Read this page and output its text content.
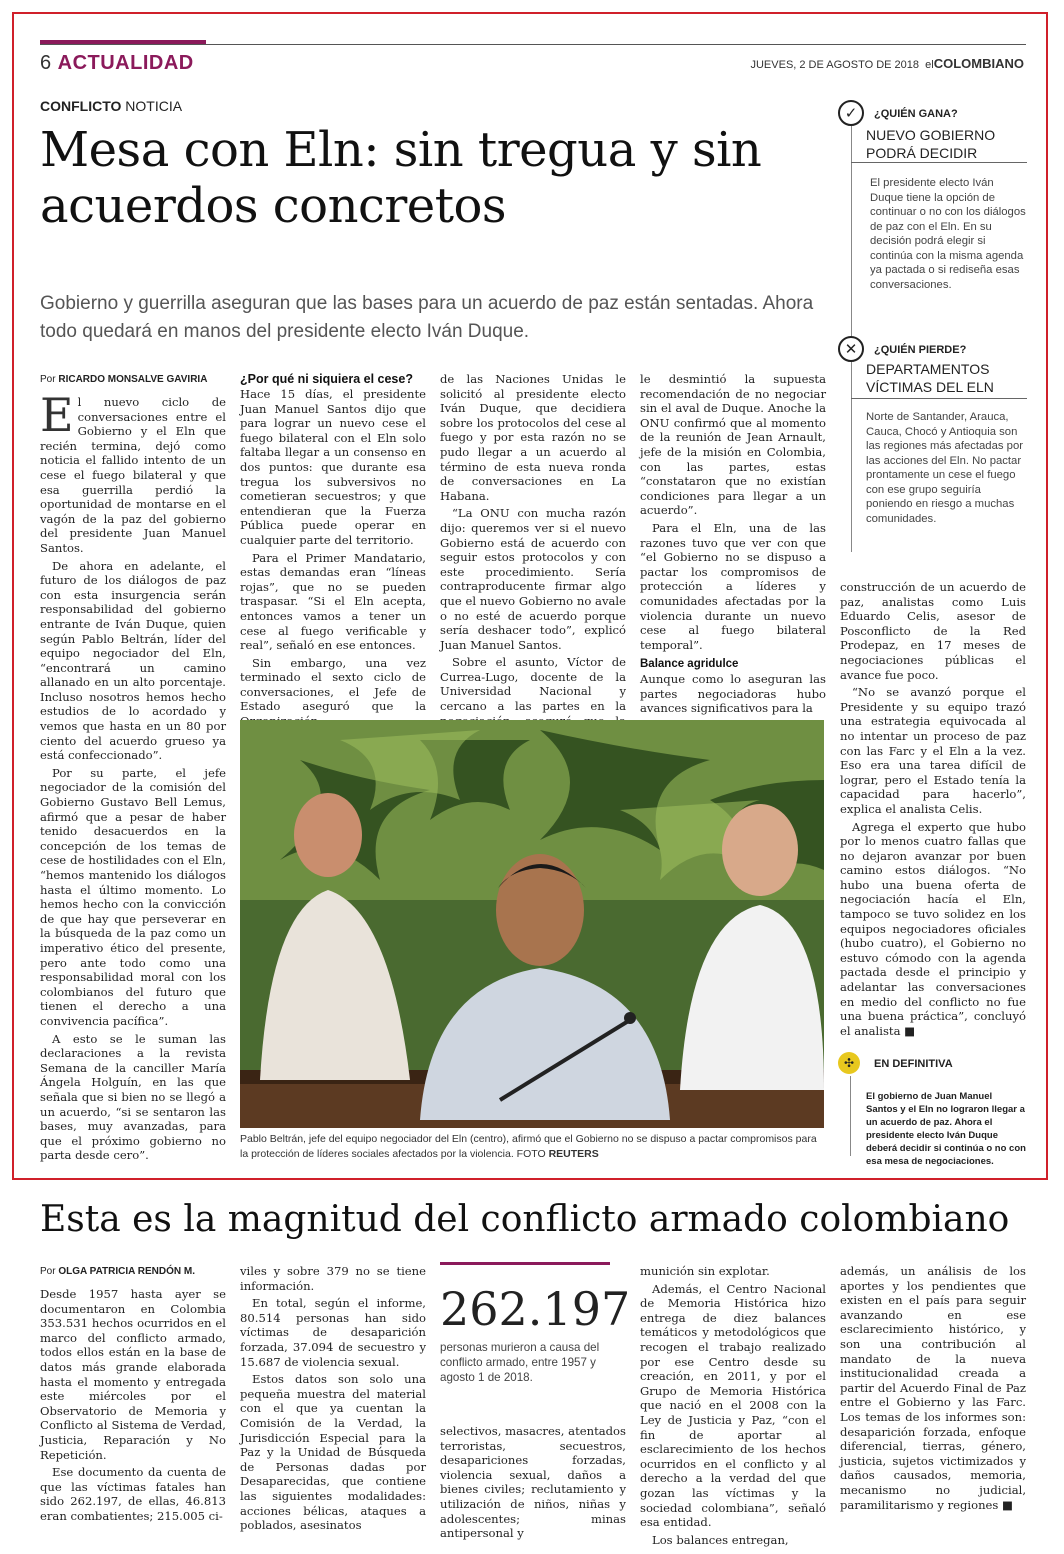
6 ACTUALIDAD	JUEVES, 2 DE AGOSTO DE 2018 elCOLOMBIANO
CONFLICTO NOTICIA
Mesa con Eln: sin tregua y sin acuerdos concretos

Gobierno y guerrilla aseguran que las bases para un acuerdo de paz están sentadas. Ahora todo quedará en manos del presidente electo Iván Duque.

Por RICARDO MONSALVE GAVIRIA

El nuevo ciclo de conversaciones entre el Gobierno y el Eln que recién termina, dejó como noticia el fallido intento de un cese el fuego bilateral y que esa guerrilla perdió la oportunidad de montarse en el vagón de la paz del gobierno del presidente Juan Manuel Santos.

De ahora en adelante, el futuro de los diálogos de paz con esta insurgencia serán responsabilidad del gobierno entrante de Iván Duque, quien según Pablo Beltrán, líder del equipo negociador del Eln, “encontrará un camino allanado en un alto porcentaje. Incluso nosotros hemos hecho estudios de lo acordado y vemos que hasta en un 80 por ciento del acuerdo grueso ya está confeccionado”.

Por su parte, el jefe negociador de la comisión del Gobierno Gustavo Bell Lemus, afirmó que a pesar de haber tenido desacuerdos en la concepción de los temas de cese de hostilidades con el Eln, “hemos mantenido los diálogos hasta el último momento. Lo hemos hecho con la convicción de que hay que perseverar en la búsqueda de la paz como un imperativo ético del presente, pero ante todo como una responsabilidad moral con los colombianos del futuro que tienen el derecho a una convivencia pacífica”.

A esto se le suman las declaraciones a la revista Semana de la canciller María Ángela Holguín, en las que señala que si bien no se llegó a un acuerdo, “si se sentaron las bases, muy avanzadas, para que el próximo gobierno no parta desde cero”.

¿Por qué ni siquiera el cese?

Hace 15 días, el presidente Juan Manuel Santos dijo que para lograr un nuevo cese el fuego bilateral con el Eln solo faltaba llegar a un consenso en dos puntos: que durante esa tregua los subversivos no cometieran secuestros; y que entendieran que la Fuerza Pública puede operar en cualquier parte del territorio.

Para el Primer Mandatario, estas demandas eran “líneas rojas”, que no se pueden traspasar. “Si el Eln acepta, entonces vamos a tener un cese al fuego verificable y real”, señaló en ese entonces.

Sin embargo, una vez terminado el sexto ciclo de conversaciones, el Jefe de Estado aseguró que la

de las Naciones Unidas le solicitó al presidente electo Iván Duque, que decidiera sobre los protocolos del cese al fuego y por esta razón no se pudo llegar a un acuerdo al término de esta nueva ronda de conversaciones en La Habana.

“La ONU con mucha razón dijo: queremos ver si el nuevo Gobierno está de acuerdo con seguir estos protocolos y con este procedimiento. Sería contraproducente firmar algo que el nuevo Gobierno no avale o no esté de acuerdo porque sería deshacer todo”, explicó Juan Manuel Santos.

Sobre el asunto, Víctor de Currea-Lugo, docente de la Universidad Nacional y cercano a las partes en la

le desmintió la supuesta recomendación de no negociar sin el aval de Duque. Anoche la ONU confirmó que al momento de la reunión de Jean Arnault, jefe de la misión en Colombia, con las partes, estas “constataron que no existían condiciones para llegar a un acuerdo”.

Para el Eln, una de las razones tuvo que ver con que “el Gobierno no se dispuso a pactar los compromisos de protección a líderes y comunidades afectadas por la violencia durante un nuevo cese al fuego bilateral temporal”.

Balance agridulce

Aunque como lo aseguran las partes negociadoras hubo avances significativos para la

✓	¿QUIÉN GANA?
NUEVO GOBIERNO PODRÁ DECIDIR
El presidente electo Iván Duque tiene la opción de continuar o no con los diálogos de paz con el Eln. En su decisión podrá elegir si continúa con la misma agenda ya pactada o si rediseña esas conversaciones.
✕	¿QUIÉN PIERDE?
DEPARTAMENTOS VÍCTIMAS DEL ELN
Norte de Santander, Arauca, Cauca, Chocó y Antioquia son las regiones más afectadas por las acciones del Eln. No pactar prontamente un cese el fuego con ese grupo seguiría poniendo en riesgo a muchas comunidades.

construcción de un acuerdo de paz, analistas como Luis Eduardo Celis, asesor de Posconflicto de la Red Prodepaz, en 17 meses de negociaciones públicas el avance fue poco.

“No se avanzó porque el Presidente y su equipo trazó una estrategia equivocada al no intentar un proceso de paz con las Farc y el Eln a la vez. Eso era una tarea difícil de lograr, pero el Estado tenía la capacidad para hacerlo”, explica el analista Celis.

Agrega el experto que hubo por lo menos cuatro fallas que no dejaron avanzar por buen camino estos diálogos. “No hubo una buena oferta de negociación hacía el Eln, tampoco se tuvo solidez en los equipos negociadores oficiales (hubo cuatro), el Gobierno no estuvo cómodo con la agenda pactada desde el principio y adelantar las conversaciones en medio del conflicto no fue una buena práctica”, concluyó el analista ■

✣	EN DEFINITIVA
El gobierno de Juan Manuel Santos y el Eln no lograron llegar a un acuerdo de paz. Ahora el presidente electo Iván Duque deberá decidir si continúa o no con esa mesa de negociaciones.
Pablo Beltrán, jefe del equipo negociador del Eln (centro), afirmó que el Gobierno no se dispuso a pactar compromisos para la protección de líderes sociales afectados por la violencia. FOTO REUTERS
Esta es la magnitud del conflicto armado colombiano
Por OLGA PATRICIA RENDÓN M.

Desde 1957 hasta ayer se documentaron en Colombia 353.531 hechos ocurridos en el marco del conflicto armado, todos ellos están en la base de datos más grande elaborada hasta el momento y entregada este miércoles por el Observatorio de Memoria y Conflicto al Sistema de Verdad, Justicia, Reparación y No Repetición.

Ese documento da cuenta de que las víctimas fatales han sido 262.197, de ellas, 46.813 eran combatientes; 215.005 ci-

viles y sobre 379 no se tiene información.

En total, según el informe, 80.514 personas han sido víctimas de desaparición forzada, 37.094 de secuestro y 15.687 de violencia sexual.

Estos datos son solo una pequeña muestra del material con el que ya cuentan la Comisión de la Verdad, la Jurisdicción Especial para la Paz y la Unidad de Búsqueda de Personas dadas por Desaparecidas, que contiene las siguientes modalidades: acciones bélicas, ataques a poblados, asesinatos

262.197
personas murieron a causa del conflicto armado, entre 1957 y agosto 1 de 2018.

selectivos, masacres, atentados terroristas, secuestros, desapariciones forzadas, violencia sexual, daños a bienes civiles; reclutamiento y utilización de niños, niñas y adolescentes; minas antipersonal y

munición sin explotar.

Además, el Centro Nacional de Memoria Histórica hizo entrega de diez balances temáticos y metodológicos que recogen el trabajo realizado por ese Centro desde su creación, en 2011, y por el Grupo de Memoria Histórica que nació en el 2008 con la Ley de Justicia y Paz, “con el fin de aportar al esclarecimiento de los hechos ocurridos en el conflicto y al derecho a la verdad del que gozan las víctimas y la sociedad colombiana”, señaló esa entidad.

Los balances entregan,

además, un análisis de los aportes y los pendientes que existen en el país para seguir avanzando en ese esclarecimiento histórico, y son una contribución al mandato de la nueva institucionalidad creada a partir del Acuerdo Final de Paz entre el Gobierno y las Farc. Los temas de los informes son: desaparición forzada, enfoque diferencial, tierras, género, justicia, sujetos victimizados y daños causados, memoria, mecanismo no judicial, paramilitarismo y regiones ■
